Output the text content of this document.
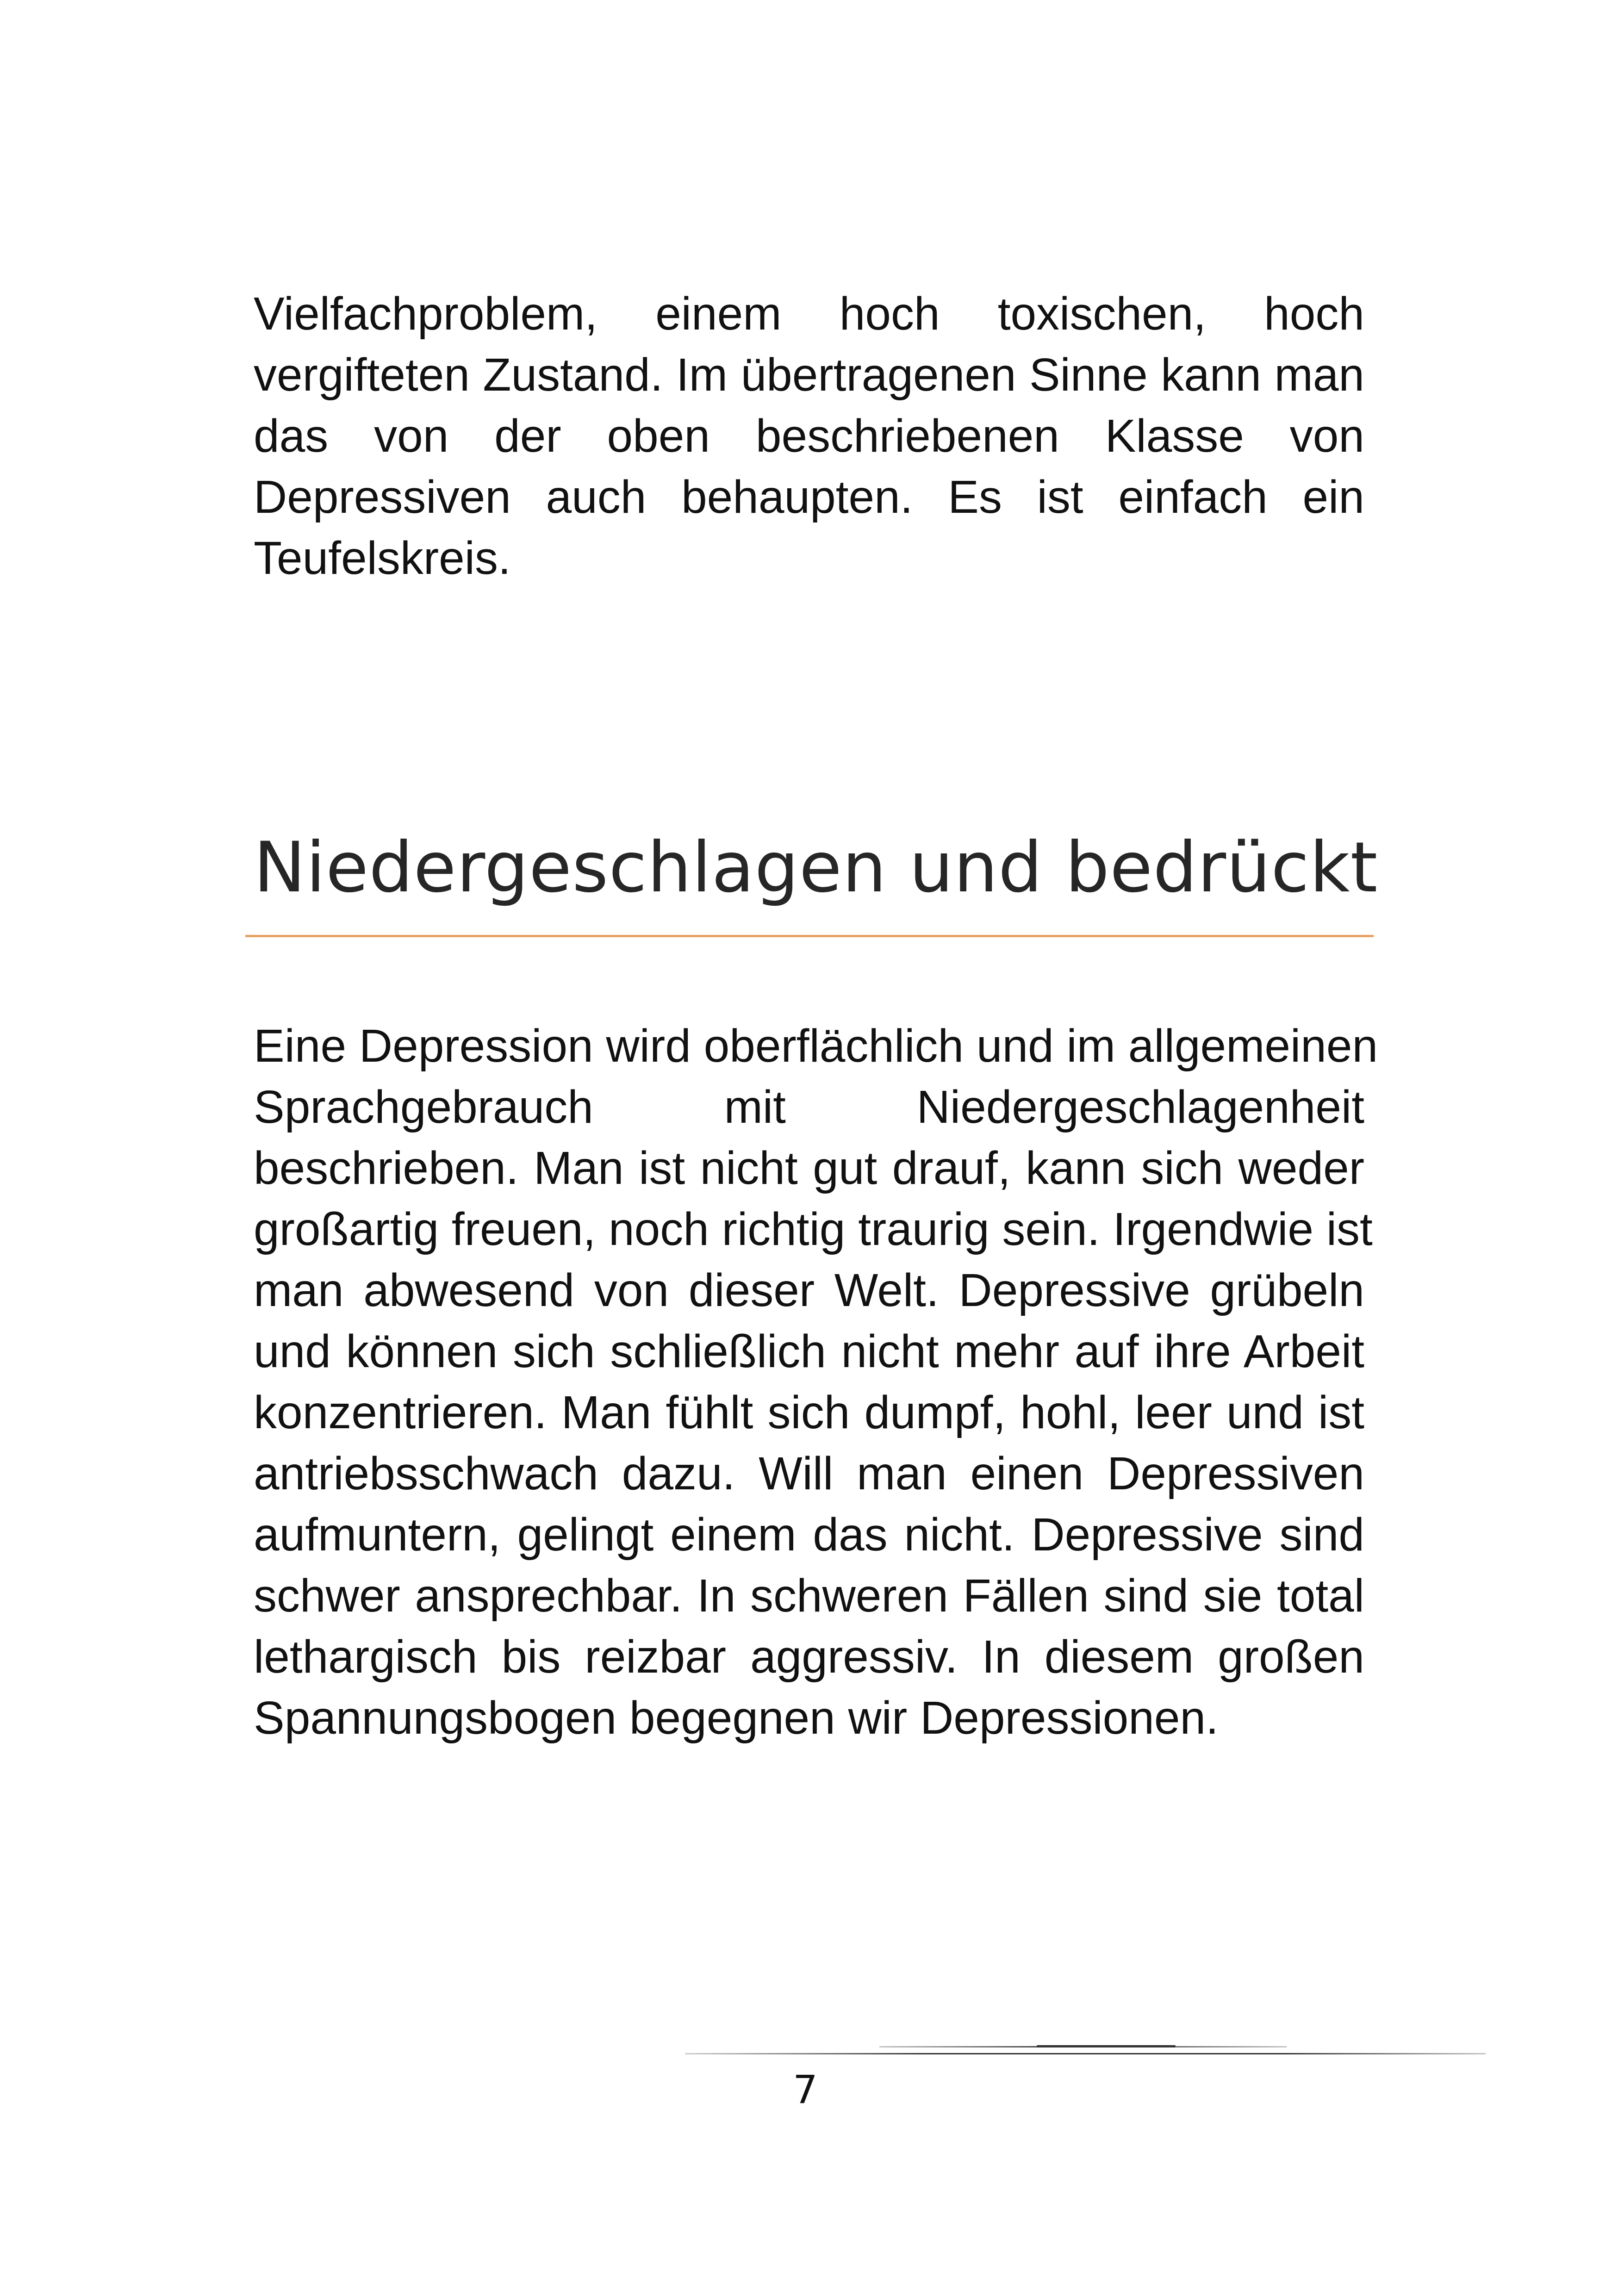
Vielfachproblem, einem hoch toxischen, hoch
vergifteten Zustand. Im übertragenen Sinne kann man
das von der oben beschriebenen Klasse von
Depressiven auch behaupten. Es ist einfach ein
Teufelskreis.

Niedergeschlagen und bedrückt

Eine Depression wird oberflächlich und im allgemeinen
Sprachgebrauch mit Niedergeschlagenheit
beschrieben. Man ist nicht gut drauf, kann sich weder
großartig freuen, noch richtig traurig sein. Irgendwie ist
man abwesend von dieser Welt. Depressive grübeln
und können sich schließlich nicht mehr auf ihre Arbeit
konzentrieren. Man fühlt sich dumpf, hohl, leer und ist
antriebsschwach dazu. Will man einen Depressiven
aufmuntern, gelingt einem das nicht. Depressive sind
schwer ansprechbar. In schweren Fällen sind sie total
lethargisch bis reizbar aggressiv. In diesem großen
Spannungsbogen begegnen wir Depressionen.

7
